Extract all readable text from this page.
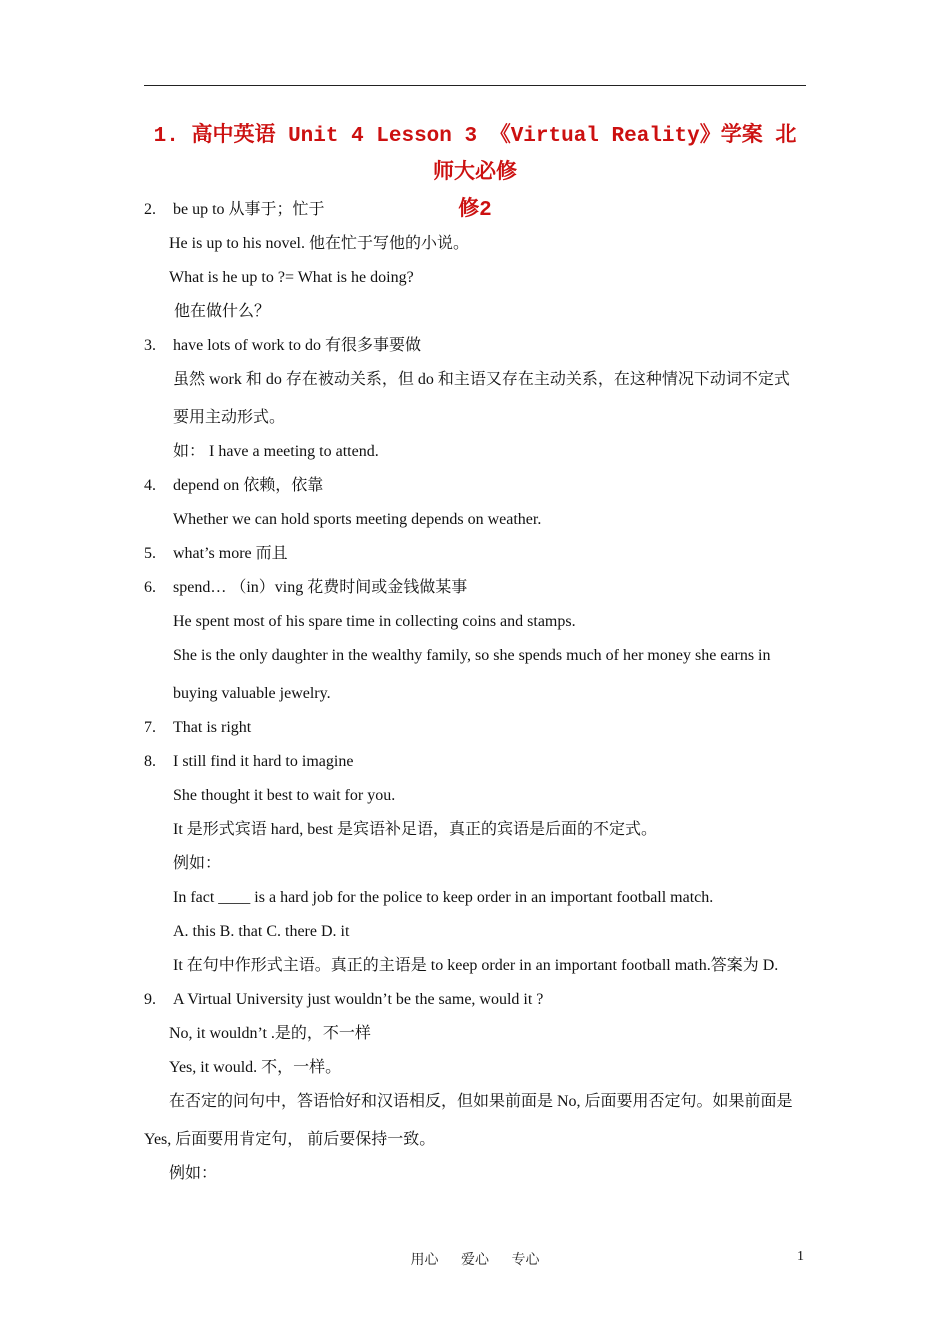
1. 高中英语 Unit 4 Lesson 3 《Virtual Reality》学案 北师大必修
修2
2. be up to 从事于；忙于
He is up to his novel. 他在忙于写他的小说。
What is he up to ?= What is he doing?
他在做什么？
3. have lots of work to do 有很多事要做
虽然 work 和 do 存在被动关系，但 do 和主语又存在主动关系，在这种情况下动词不定式
要用主动形式。
如： I have a meeting to attend.
4. depend on 依赖，依靠
Whether we can hold sports meeting depends on weather.
5. what’s more 而且
6. spend… （in）ving 花费时间或金钱做某事
He spent most of his spare time in collecting coins and stamps.
She is the only daughter in the wealthy family, so she spends much of her money she earns in
buying valuable jewelry.
7. That is right
8. I still find it hard to imagine
She thought it best to wait for you.
It 是形式宾语 hard, best 是宾语补足语，真正的宾语是后面的不定式。
例如：
In fact ____ is a hard job for the police to keep order in an important football match.
A. this B. that C. there D. it
It 在句中作形式主语。真正的主语是 to keep order in an important football math.答案为 D.
9. A Virtual University just wouldn’t be the same, would it ?
No, it wouldn’t .是的，不一样
Yes, it would. 不，一样。
在否定的问句中，答语恰好和汉语相反，但如果前面是 No, 后面要用否定句。如果前面是
Yes, 后面要用肯定句， 前后要保持一致。
例如：
用心 爱心 专心	1
